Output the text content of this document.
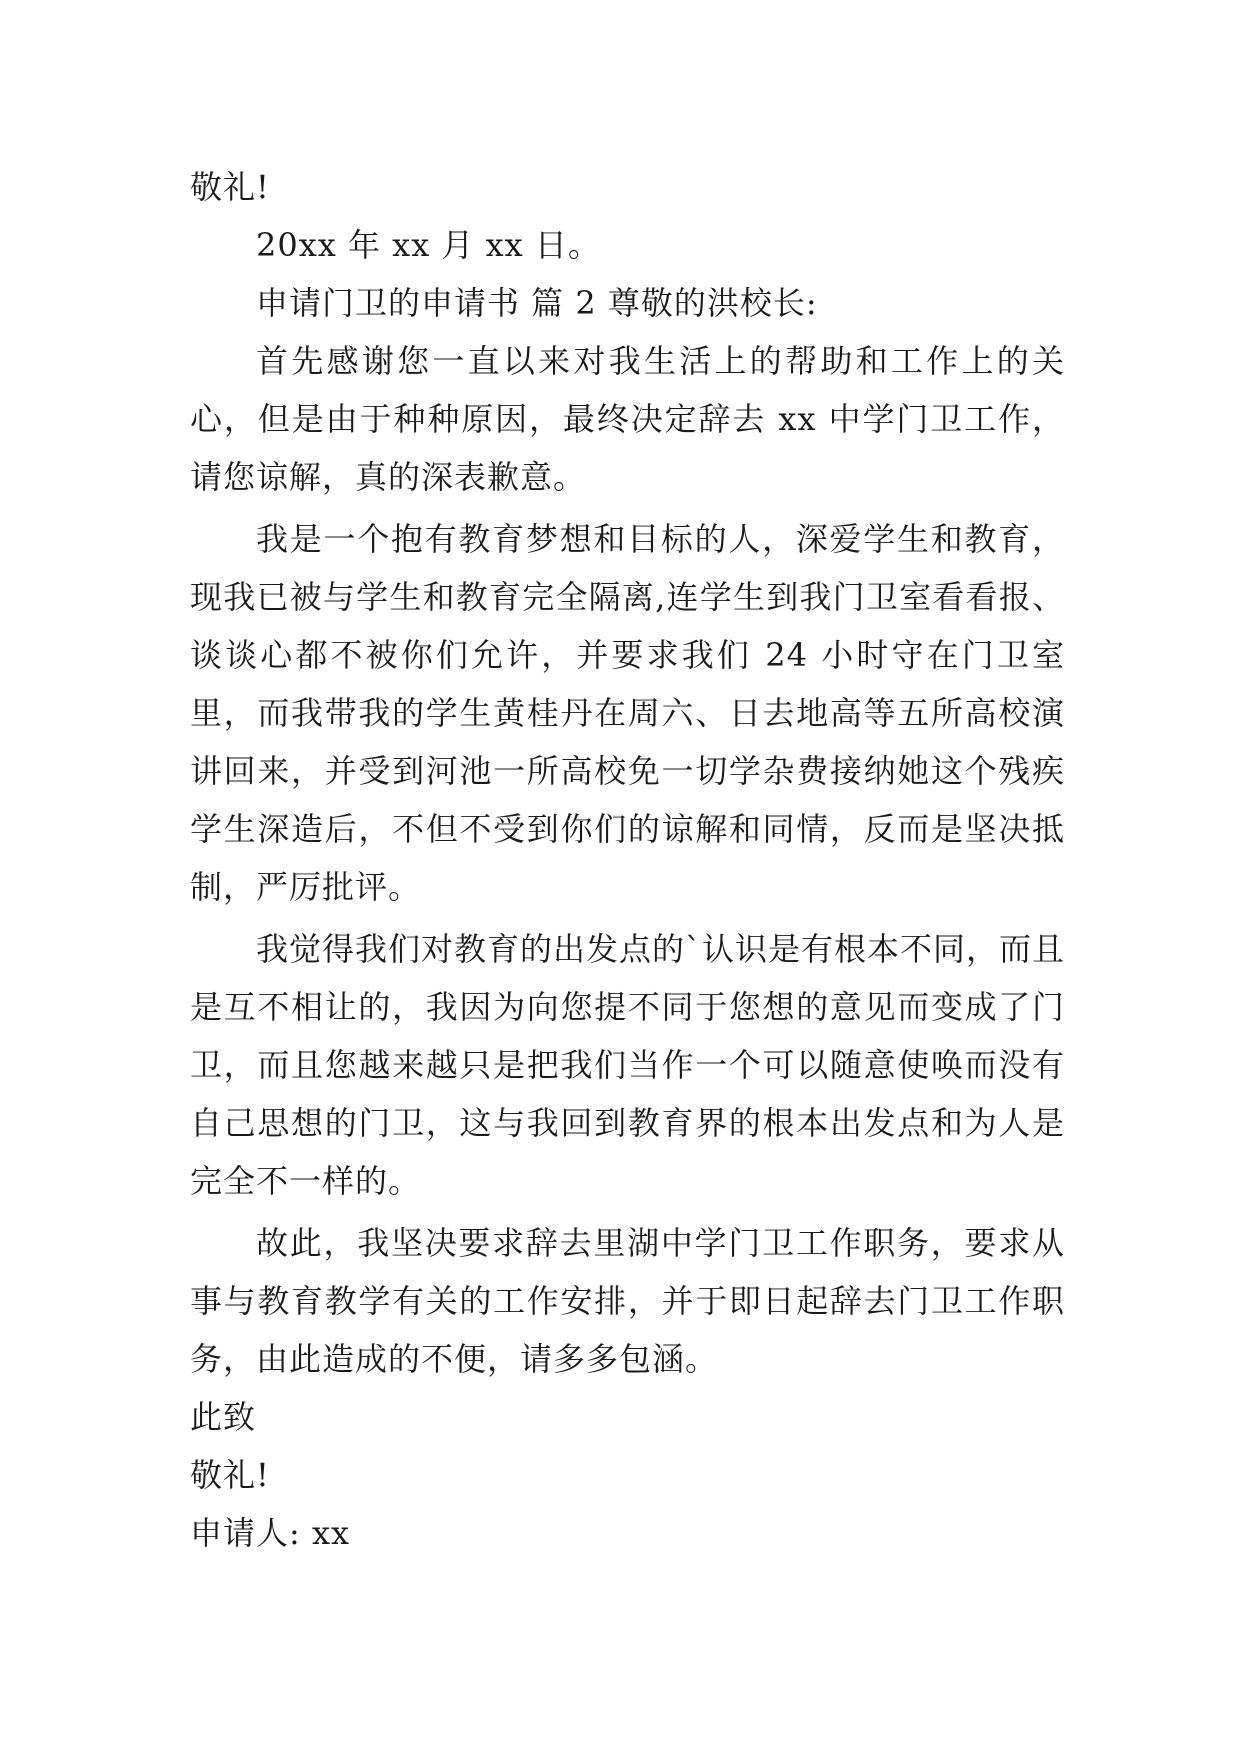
敬礼!
20xx 年 xx 月 xx 日。
申请门卫的申请书 篇 2 尊敬的洪校长:

首先感谢您一直以来对我生活上的帮助和工作上的关心，但是由于种种原因，最终决定辞去 xx 中学门卫工作，请您谅解，真的深表歉意。

我是一个抱有教育梦想和目标的人，深爱学生和教育，现我已被与学生和教育完全隔离,连学生到我门卫室看看报、谈谈心都不被你们允许，并要求我们 24 小时守在门卫室里，而我带我的学生黄桂丹在周六、日去地高等五所高校演讲回来，并受到河池一所高校免一切学杂费接纳她这个残疾学生深造后，不但不受到你们的谅解和同情，反而是坚决抵制，严厉批评。

我觉得我们对教育的出发点的`认识是有根本不同，而且是互不相让的，我因为向您提不同于您想的意见而变成了门卫，而且您越来越只是把我们当作一个可以随意使唤而没有自己思想的门卫，这与我回到教育界的根本出发点和为人是完全不一样的。

故此，我坚决要求辞去里湖中学门卫工作职务，要求从事与教育教学有关的工作安排，并于即日起辞去门卫工作职务，由此造成的不便，请多多包涵。

此致
敬礼!
申请人: xx
